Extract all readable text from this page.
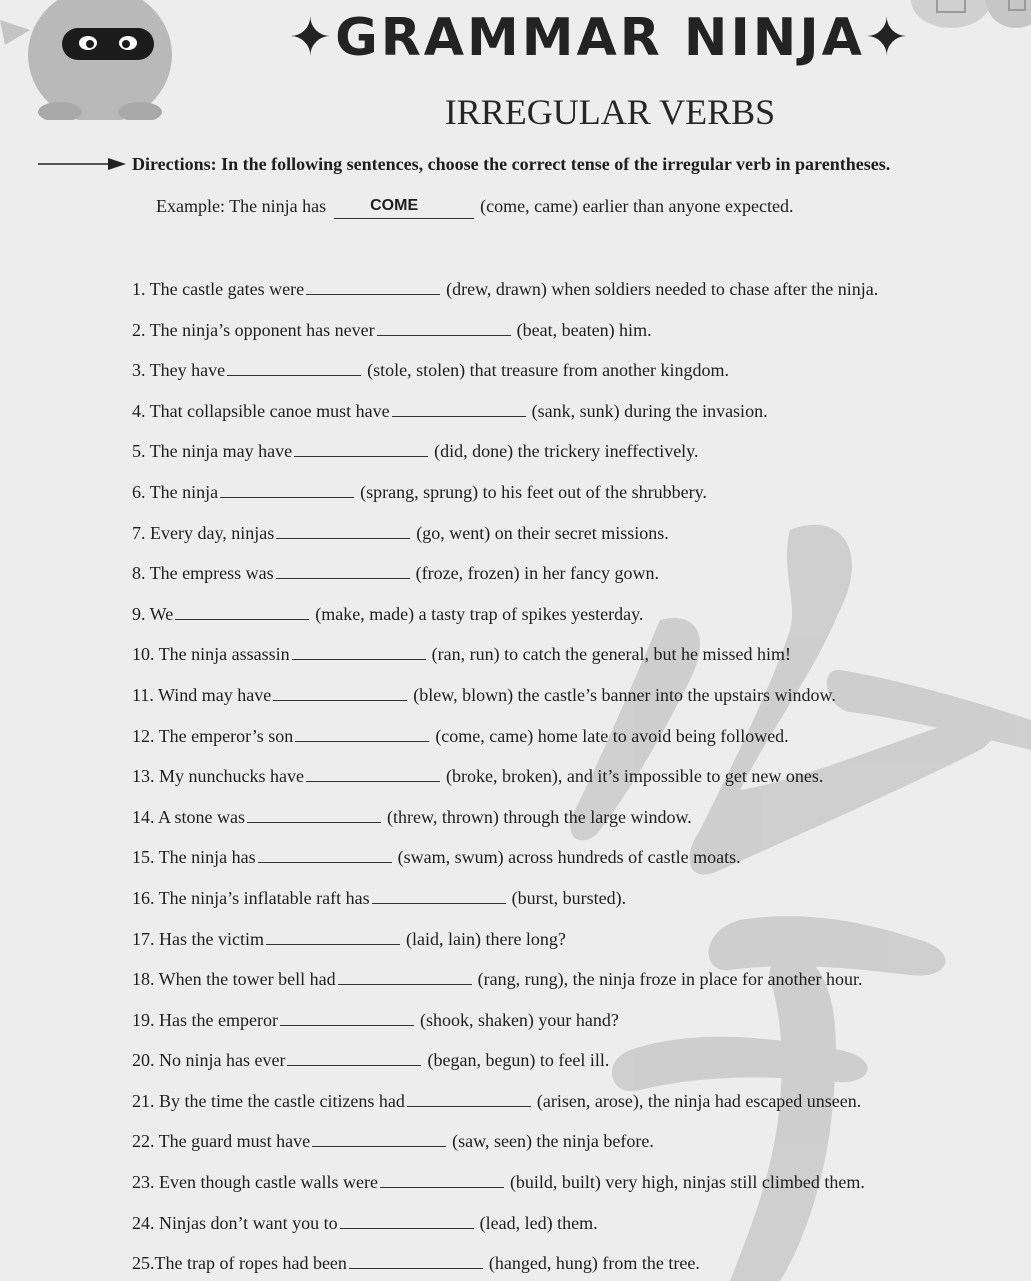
✦GRAMMAR NINJA✦
IRREGULAR VERBS
Directions: In the following sentences, choose the correct tense of the irregular verb in parentheses.
Example: The ninja has	COME	(come, came) earlier than anyone expected.
1. The castle gates were	(drew, drawn) when soldiers needed to chase after the ninja.
2. The ninja’s opponent has never	(beat, beaten) him.
3. They have	(stole, stolen) that treasure from another kingdom.
4. That collapsible canoe must have	(sank, sunk) during the invasion.
5. The ninja may have	(did, done) the trickery ineffectively.
6. The ninja	(sprang, sprung) to his feet out of the shrubbery.
7. Every day, ninjas	(go, went) on their secret missions.
8. The empress was	(froze, frozen) in her fancy gown.
9. We	(make, made) a tasty trap of spikes yesterday.
10. The ninja assassin	(ran, run) to catch the general, but he missed him!
11. Wind may have	(blew, blown) the castle’s banner into the upstairs window.
12. The emperor’s son	(come, came) home late to avoid being followed.
13. My nunchucks have	(broke, broken), and it’s impossible to get new ones.
14. A stone was	(threw, thrown) through the large window.
15. The ninja has	(swam, swum) across hundreds of castle moats.
16. The ninja’s inflatable raft has	(burst, bursted).
17. Has the victim	(laid, lain) there long?
18. When the tower bell had	(rang, rung), the ninja froze in place for another hour.
19. Has the emperor	(shook, shaken) your hand?
20. No ninja has ever	(began, begun) to feel ill.
21. By the time the castle citizens had	(arisen, arose), the ninja had escaped unseen.
22. The guard must have	(saw, seen) the ninja before.
23. Even though castle walls were	(build, built) very high, ninjas still climbed them.
24. Ninjas don’t want you to	(lead, led) them.
25.The trap of ropes had been	(hanged, hung) from the tree.
